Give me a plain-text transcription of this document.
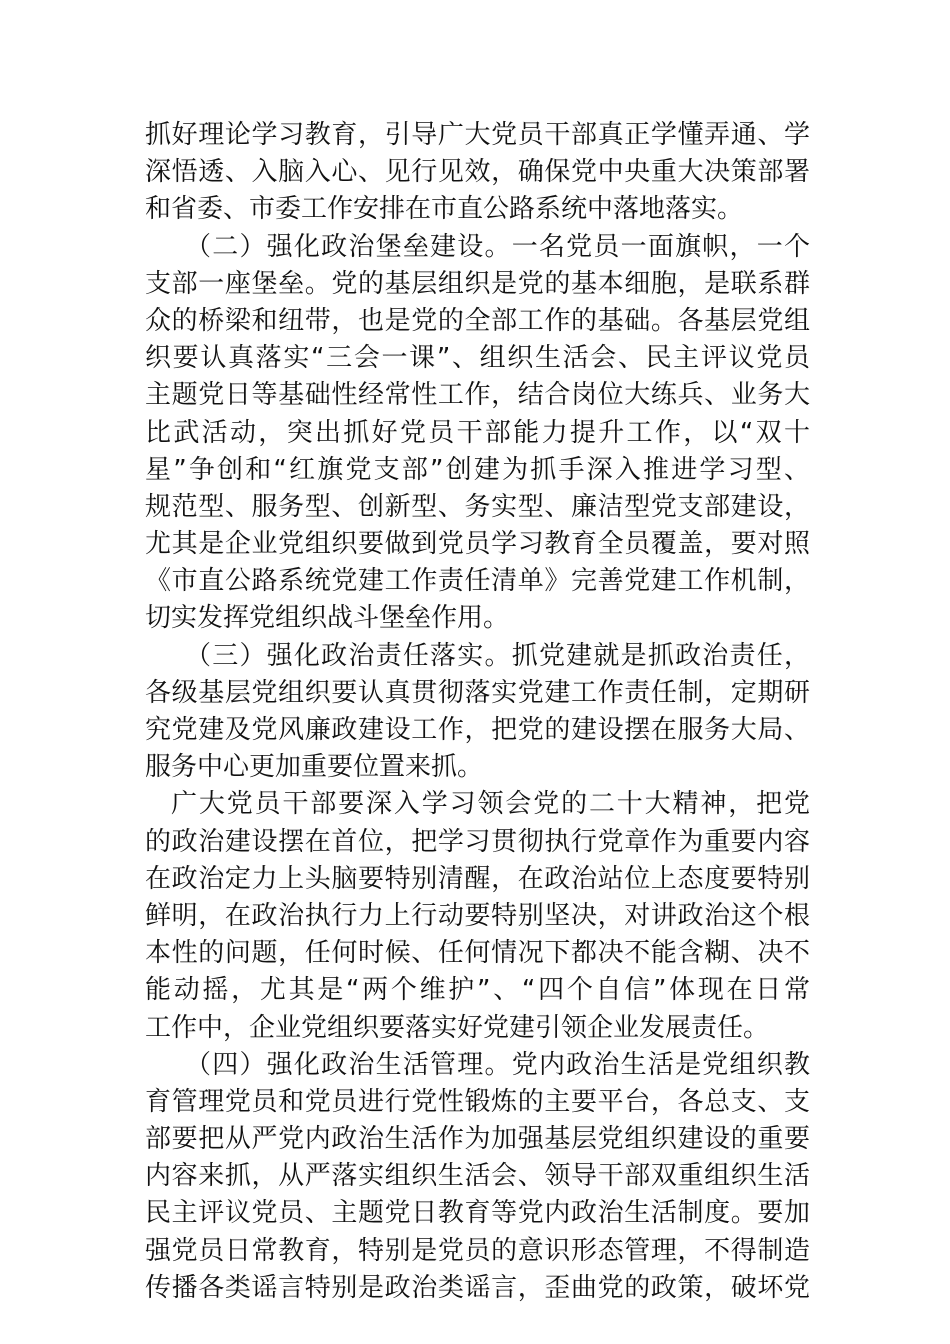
抓好理论学习教育，引导广大党员干部真正学懂弄通、学
深悟透、入脑入心、见行见效，确保党中央重大决策部署
和省委、市委工作安排在市直公路系统中落地落实。
（二）强化政治堡垒建设。一名党员一面旗帜，一个
支部一座堡垒。党的基层组织是党的基本细胞，是联系群
众的桥梁和纽带，也是党的全部工作的基础。各基层党组
织要认真落实“三会一课”、组织生活会、民主评议党员
主题党日等基础性经常性工作，结合岗位大练兵、业务大
比武活动，突出抓好党员干部能力提升工作，以“双十
星”争创和“红旗党支部”创建为抓手深入推进学习型、
规范型、服务型、创新型、务实型、廉洁型党支部建设，
尤其是企业党组织要做到党员学习教育全员覆盖，要对照
《市直公路系统党建工作责任清单》完善党建工作机制，
切实发挥党组织战斗堡垒作用。
（三）强化政治责任落实。抓党建就是抓政治责任，
各级基层党组织要认真贯彻落实党建工作责任制，定期研
究党建及党风廉政建设工作，把党的建设摆在服务大局、
服务中心更加重要位置来抓。
广大党员干部要深入学习领会党的二十大精神，把党
的政治建设摆在首位，把学习贯彻执行党章作为重要内容
在政治定力上头脑要特别清醒，在政治站位上态度要特别
鲜明，在政治执行力上行动要特别坚决，对讲政治这个根
本性的问题，任何时候、任何情况下都决不能含糊、决不
能动摇，尤其是“两个维护”、“四个自信”体现在日常
工作中，企业党组织要落实好党建引领企业发展责任。
（四）强化政治生活管理。党内政治生活是党组织教
育管理党员和党员进行党性锻炼的主要平台，各总支、支
部要把从严党内政治生活作为加强基层党组织建设的重要
内容来抓，从严落实组织生活会、领导干部双重组织生活
民主评议党员、主题党日教育等党内政治生活制度。要加
强党员日常教育，特别是党员的意识形态管理，不得制造
传播各类谣言特别是政治类谣言，歪曲党的政策，破坏党
